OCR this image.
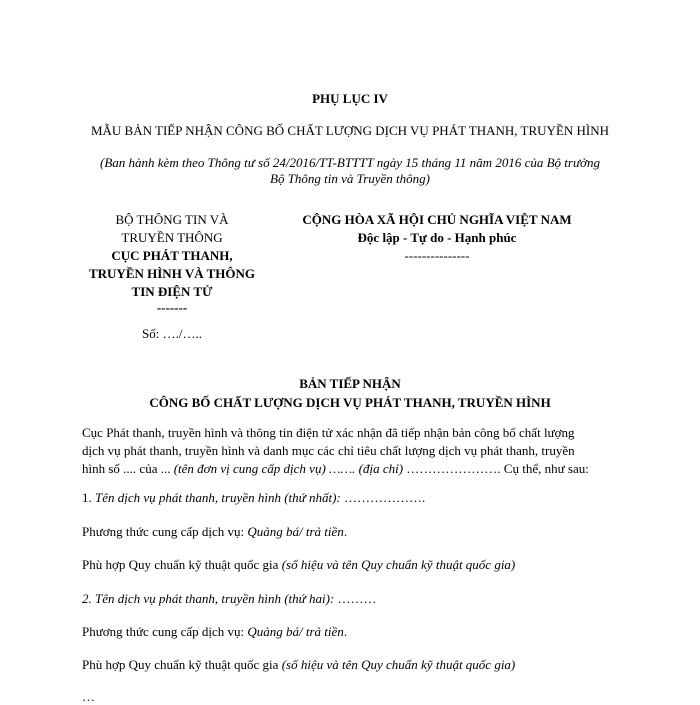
PHỤ LỤC IV
MẪU BẢN TIẾP NHẬN CÔNG BỐ CHẤT LƯỢNG DỊCH VỤ PHÁT THANH, TRUYỀN HÌNH
(Ban hành kèm theo Thông tư số 24/2016/TT-BTTTT ngày 15 tháng 11 năm 2016 của Bộ trưởng
Bộ Thông tin và Truyền thông)
BỘ THÔNG TIN VÀ
TRUYỀN THÔNG
CỤC PHÁT THANH,
TRUYỀN HÌNH VÀ THÔNG
TIN ĐIỆN TỬ
-------
Số: …./…..
CỘNG HÒA XÃ HỘI CHỦ NGHĨA VIỆT NAM
Độc lập - Tự do - Hạnh phúc
---------------
BẢN TIẾP NHẬN
CÔNG BỐ CHẤT LƯỢNG DỊCH VỤ PHÁT THANH, TRUYỀN HÌNH
Cục Phát thanh, truyền hình và thông tin điện tử xác nhận đã tiếp nhận bản công bố chất lượng
dịch vụ phát thanh, truyền hình và danh mục các chỉ tiêu chất lượng dịch vụ phát thanh, truyền
hình số .... của ... (tên đơn vị cung cấp dịch vụ) ……. (địa chỉ) …………………. Cụ thể, như sau:
1. Tên dịch vụ phát thanh, truyền hình (thứ nhất): ……………….
Phương thức cung cấp dịch vụ: Quảng bá/ trả tiền.
Phù hợp Quy chuẩn kỹ thuật quốc gia (số hiệu và tên Quy chuẩn kỹ thuật quốc gia)
2. Tên dịch vụ phát thanh, truyền hình (thứ hai): ………
Phương thức cung cấp dịch vụ: Quảng bá/ trả tiền.
Phù hợp Quy chuẩn kỹ thuật quốc gia (số hiệu và tên Quy chuẩn kỹ thuật quốc gia)
…
